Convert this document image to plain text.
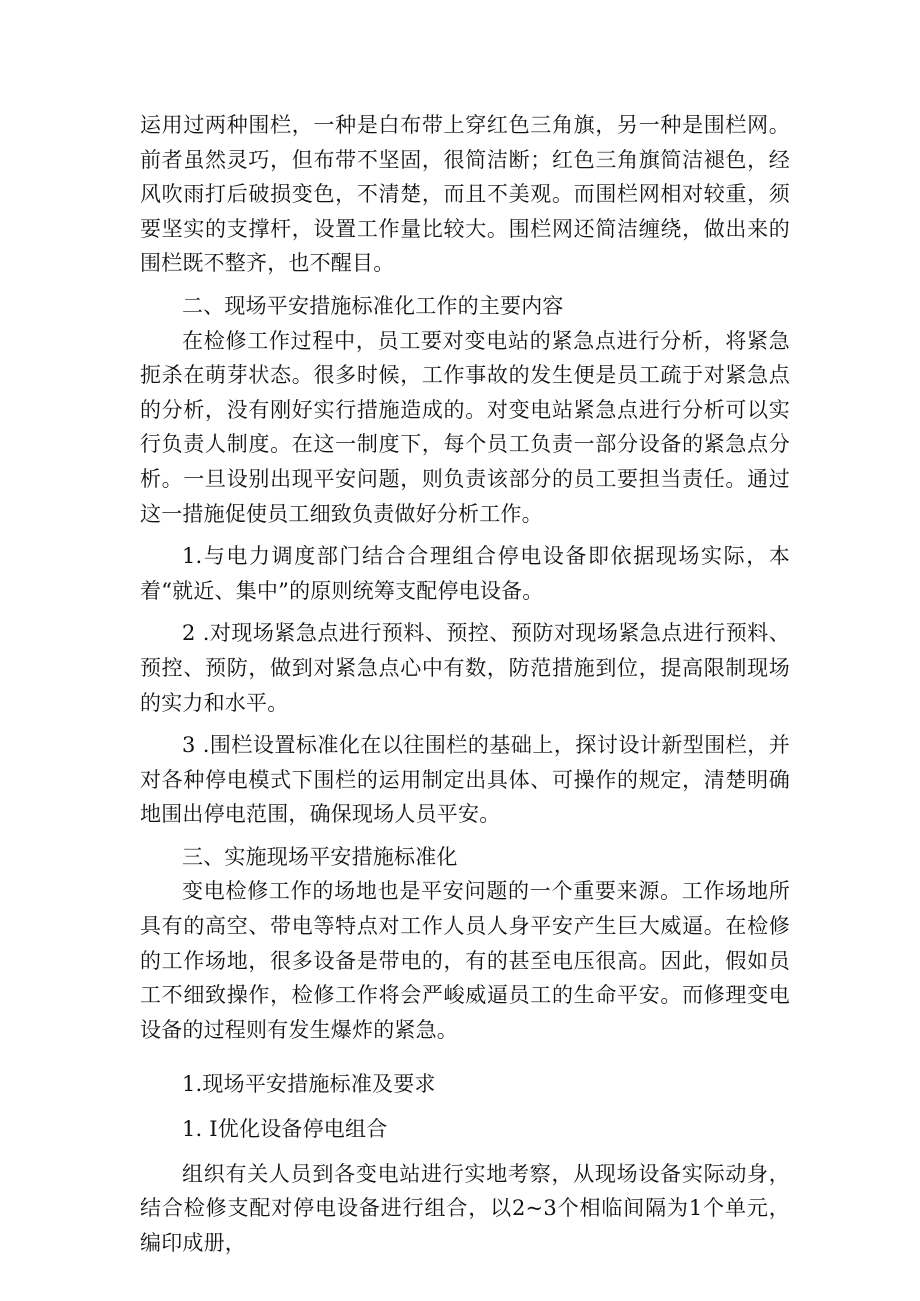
运用过两种围栏，一种是白布带上穿红色三角旗，另一种是围栏网。前者虽然灵巧，但布带不坚固，很简洁断；红色三角旗简洁褪色，经风吹雨打后破损变色，不清楚，而且不美观。而围栏网相对较重，须要坚实的支撑杆，设置工作量比较大。围栏网还简洁缠绕，做出来的围栏既不整齐，也不醒目。

二、现场平安措施标准化工作的主要内容

在检修工作过程中，员工要对变电站的紧急点进行分析，将紧急扼杀在萌芽状态。很多时候，工作事故的发生便是员工疏于对紧急点的分析，没有刚好实行措施造成的。对变电站紧急点进行分析可以实行负责人制度。在这一制度下，每个员工负责一部分设备的紧急点分析。一旦设别出现平安问题，则负责该部分的员工要担当责任。通过这一措施促使员工细致负责做好分析工作。

1.与电力调度部门结合合理组合停电设备即依据现场实际，本着“就近、集中”的原则统筹支配停电设备。

2 .对现场紧急点进行预料、预控、预防对现场紧急点进行预料、预控、预防，做到对紧急点心中有数，防范措施到位，提高限制现场的实力和水平。

3 .围栏设置标准化在以往围栏的基础上，探讨设计新型围栏，并对各种停电模式下围栏的运用制定出具体、可操作的规定，清楚明确地围出停电范围，确保现场人员平安。

三、实施现场平安措施标准化

变电检修工作的场地也是平安问题的一个重要来源。工作场地所具有的高空、带电等特点对工作人员人身平安产生巨大威逼。在检修的工作场地，很多设备是带电的，有的甚至电压很高。因此，假如员工不细致操作，检修工作将会严峻威逼员工的生命平安。而修理变电设备的过程则有发生爆炸的紧急。

1.现场平安措施标准及要求

1. I优化设备停电组合

组织有关人员到各变电站进行实地考察，从现场设备实际动身，结合检修支配对停电设备进行组合，以2~3个相临间隔为1个单元，编印成册，
